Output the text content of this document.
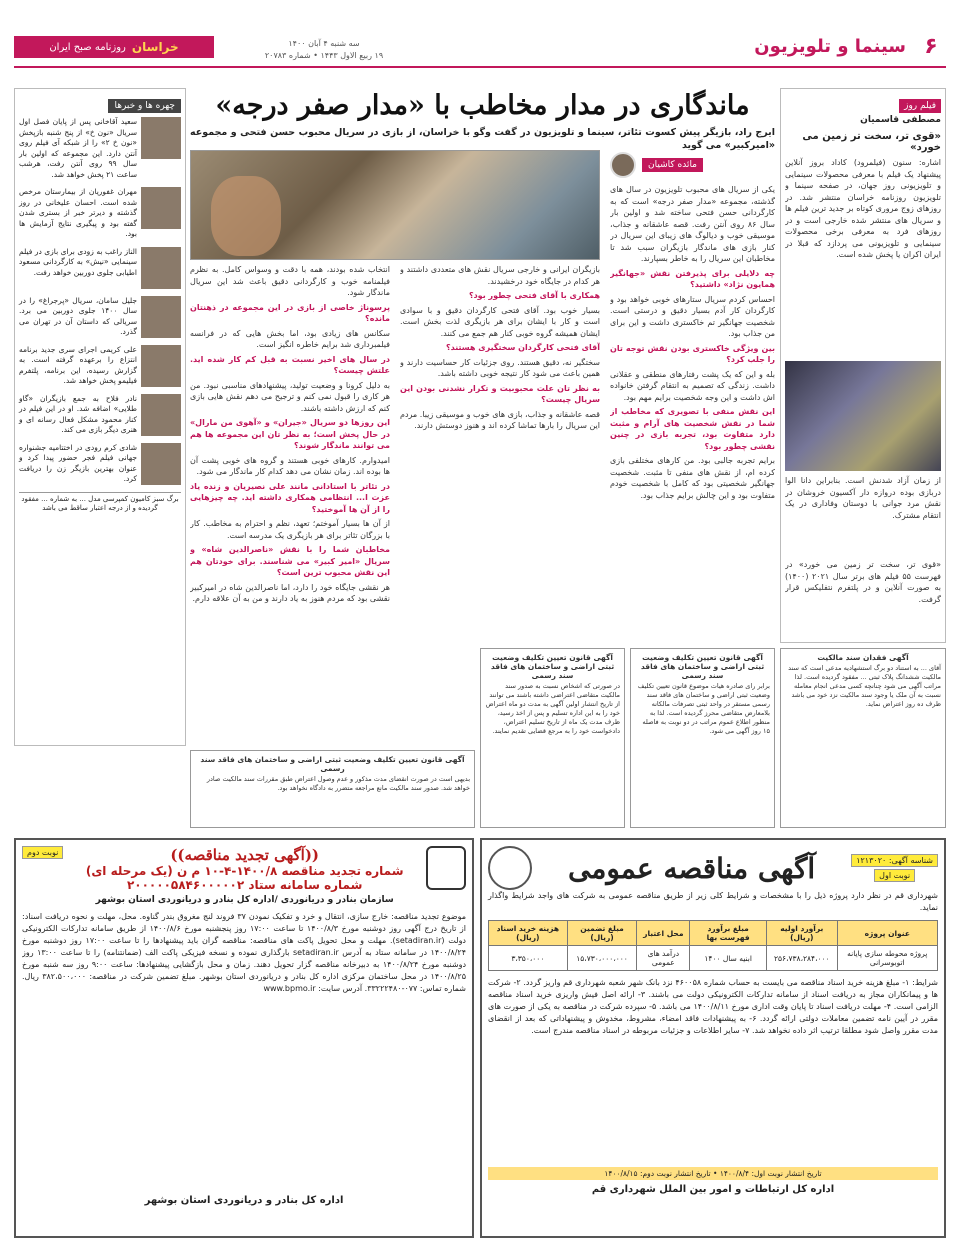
۶
سینما و تلویزیون
سه شنبه ۴ آبان ۱۴۰۰
۱۹ ربیع الاول ۱۴۴۳ • شماره ۲۰۷۸۳
خراسان
روزنامه صبح ایران
ماندگاری در مدار مخاطب با «مدار صفر درجه»
ایرج راد، بازیگر پیش کسوت تئاتر، سینما و تلویزیون در گفت وگو با خراسان، از بازی در سریال محبوب حسن فتحی و مجموعه «امیرکبیر» می گوید
مائده کاشیان

یکی از سریال های محبوب تلویزیون در سال های گذشته، مجموعه «مدار صفر درجه» است که به کارگردانی حسن فتحی ساخته شد و اولین بار سال ۸۶ روی آنتن رفت. قصه عاشقانه و جذاب، موسیقی خوب و دیالوگ های زیبای این سریال در کنار بازی های ماندگار بازیگران سبب شد تا مخاطبان این سریال را به خاطر بسپارند.

چه دلایلی برای پذیرفتن نقش «جهانگیر همایون نژاد» داشتید؟

احساس کردم سریال ستارهای خوبی خواهد بود و کارگردان کار آدم بسیار دقیق و درستی است. شخصیت جهانگیر تم خاکستری داشت و این برای من جذاب بود.

بین ویژگی خاکستری بودن نقش توجه تان را جلب کرد؟

بله و این که یک پشت رفتارهای منطقی و عقلانی داشت. زندگی که تصمیم به انتقام گرفتن خانواده اش داشت و این وجه شخصیت برایم مهم بود.

این نقش منفی با تصویری که مخاطب از شما در نقش شخصیت های آرام و مثبت دارد متفاوت بود، تجربه بازی در چنین نقشی چطور بود؟

برایم تجربه جالبی بود. من کارهای مختلفی بازی کرده ام، از نقش های منفی تا مثبت. شخصیت جهانگیر شخصیتی بود که کامل با شخصیت خودم متفاوت بود و این چالش برایم جذاب بود.

بازیگران ایرانی و خارجی سریال نقش های متعددی داشتند و هر کدام در جایگاه خود درخشیدند.

همکاری با آقای فتحی چطور بود؟

بسیار خوب بود. آقای فتحی کارگردان دقیق و با سوادی است و کار با ایشان برای هر بازیگری لذت بخش است. ایشان همیشه گروه خوبی کنار هم جمع می کنند.

آقای فتحی کارگردان سختگیری هستند؟

سختگیر نه، دقیق هستند. روی جزئیات کار حساسیت دارند و همین باعث می شود کار نتیجه خوبی داشته باشد.

به نظر تان علت محبوبیت و تکرار نشدنی بودن این سریال چیست؟

قصه عاشقانه و جذاب، بازی های خوب و موسیقی زیبا. مردم این سریال را بارها تماشا کرده اند و هنوز دوستش دارند.

انتخاب شده بودند، همه با دقت و وسواس کامل. به نظرم فیلمنامه خوب و کارگردانی دقیق باعث شد این سریال ماندگار شود.

پرسوناژ خاصی از بازی در این مجموعه در ذهنتان مانده؟

سکانس های زیادی بود، اما بخش هایی که در فرانسه فیلمبرداری شد برایم خاطره انگیز است.

در سال های اخیر نسبت به قبل کم کار شده اید. علتش چیست؟

به دلیل کرونا و وضعیت تولید، پیشنهادهای مناسبی نبود. من هر کاری را قبول نمی کنم و ترجیح می دهم نقش هایی بازی کنم که ارزش داشته باشند.

این روزها دو سریال «جیران» و «آهوی من مارال» در حال پخش است؛ به نظر تان این مجموعه ها هم می توانند ماندگار شوند؟

امیدوارم. کارهای خوبی هستند و گروه های خوبی پشت آن ها بوده اند. زمان نشان می دهد کدام کار ماندگار می شود.

در تئاتر با استادانی مانند علی نصیریان و زنده یاد عزت ا... انتظامی همکاری داشته اید. چه چیزهایی را از آن ها آموختید؟

از آن ها بسیار آموختم؛ تعهد، نظم و احترام به مخاطب. کار با بزرگان تئاتر برای هر بازیگری یک مدرسه است.

مخاطبان شما را با نقش «ناصرالدین شاه» و سریال «امیر کبیر» می شناسند. برای خودتان هم این نقش محبوب ترین است؟

هر نقشی جایگاه خود را دارد، اما ناصرالدین شاه در امیرکبیر نقشی بود که مردم هنوز به یاد دارند و من به آن علاقه دارم.

فیلم روز
مصطفی قاسمیان
«قوی تر، سخت تر زمین می خورد»
اشاره: سنون (فیلمرود) کاداد بروز آنلاین پیشنهاد یک فیلم با معرفی محصولات سینمایی و تلویزیونی روز جهان، در صفحه سینما و تلویزیون روزنامه خراسان منتشر شد. در روزهای زوج مروری کوتاه بر جدید ترین فیلم ها و سریال های منتشر شده خارجی است و در روزهای فرد به معرفی برخی محصولات سینمایی و تلویزیونی می پردازد که قبلا در ایران اکران یا پخش شده است.
از زمان آزاد شدنش است. بنابراین دانا الوا دربازی بوده دروازه دار آکسیون خروشان در نقش مرد جوانی با دوستان وفاداری در یک انتقام مشترک.
«قوی تر، سخت تر زمین می خورد» در فهرست ۵۵ فیلم های برتر سال ۲۰۲۱ (۱۴۰۰) به صورت آنلاین و در پلتفرم نتفلیکس قرار گرفت.
چهره ها و خبرها
سعید آقاخانی پس از پایان فصل اول سریال «نون خ» از پنج شنبه بازپخش «نون خ ۲» را از شبکه آی فیلم روی آنتن دارد. این مجموعه که اولین بار سال ۹۹ روی آنتن رفت، هرشب ساعت ۲۱ پخش خواهد شد.
مهران غفوریان از بیمارستان مرخص شده است. احسان علیخانی در روز گذشته و دیرتر خبر از بستری شدن گفته بود و پیگیری نتایج آزمایش ها بود.
الناز راغب به زودی برای بازی در فیلم سینمایی «نیش» به کارگردانی مسعود اطیابی جلوی دوربین خواهد رفت.
جلیل سامان، سریال «پرجراغ» را در سال ۱۴۰۰ جلوی دوربین می برد. سریالی که داستان آن در تهران می گذرد.
علی کریمی اجرای سری جدید برنامه انتزاع را برعهده گرفته است. به گزارش رسیده، این برنامه، پلتفرم فیلیمو پخش خواهد شد.
نادر فلاح به جمع بازیگران «گاو طلایی» اضافه شد. او در این فیلم در کنار محمود مشکل فعال رسانه ای و هنری دیگر بازی می کند.
شادی کرم رودی در اختتامیه جشنواره جهانی فیلم فجر حضور پیدا کرد و عنوان بهترین بازیگر زن را دریافت کرد.
برگ سبز کامیون کمپرسی مدل ... به شماره ... مفقود گردیده و از درجه اعتبار ساقط می باشد
آگهی فقدان سند مالکیت
آقای ... به استناد دو برگ استشهادیه مدعی است که سند مالکیت ششدانگ پلاک ثبتی ... مفقود گردیده است. لذا مراتب آگهی می شود چنانچه کسی مدعی انجام معامله نسبت به آن ملک یا وجود سند مالکیت نزد خود می باشد ظرف ده روز اعتراض نماید.
آگهی قانون تعیین تکلیف وضعیت ثبتی اراضی و ساختمان های فاقد سند رسمی
برابر رای صادره هیات موضوع قانون تعیین تکلیف وضعیت ثبتی اراضی و ساختمان های فاقد سند رسمی مستقر در واحد ثبتی تصرفات مالکانه بلامعارض متقاضی محرز گردیده است. لذا به منظور اطلاع عموم مراتب در دو نوبت به فاصله ۱۵ روز آگهی می شود.
آگهی قانون تعیین تکلیف وضعیت ثبتی اراضی و ساختمان های فاقد سند رسمی
در صورتی که اشخاص نسبت به صدور سند مالکیت متقاضی اعتراضی داشته باشند می توانند از تاریخ انتشار اولین آگهی به مدت دو ماه اعتراض خود را به این اداره تسلیم و پس از اخذ رسید، ظرف مدت یک ماه از تاریخ تسلیم اعتراض، دادخواست خود را به مرجع قضایی تقدیم نمایند.
آگهی قانون تعیین تکلیف وضعیت ثبتی اراضی و ساختمان های فاقد سند رسمی
بدیهی است در صورت انقضای مدت مذکور و عدم وصول اعتراض طبق مقررات سند مالکیت صادر خواهد شد. صدور سند مالکیت مانع مراجعه متضرر به دادگاه نخواهد بود.
شناسه آگهی: ۱۲۱۳۰۲۰
نوبت اول
آگهی مناقصه عمومی
شهرداری قم در نظر دارد پروژه ذیل را با مشخصات و شرایط کلی زیر از طریق مناقصه عمومی به شرکت های واجد شرایط واگذار نماید.
عنوان پروژه	برآورد اولیه (ریال)	مبلغ برآورد فهرست بها	محل اعتبار	مبلغ تضمین (ریال)	هزینه خرید اسناد (ریال)
پروژه محوطه سازی پایانه اتوبوسرانی	۲۵۶،۷۳۸،۲۸۴،۰۰۰	ابنیه سال ۱۴۰۰	درآمد های عمومی	۱۵،۷۳۰،۰۰۰،۰۰۰	۳،۳۵۰،۰۰۰
شرایط: ۱- مبلغ هزینه خرید اسناد مناقصه می بایست به حساب شماره ۴۶۰۰۵۸ نزد بانک شهر شعبه شهرداری قم واریز گردد. ۲- شرکت ها و پیمانکاران مجاز به دریافت اسناد از سامانه تدارکات الکترونیکی دولت می باشند. ۳- ارائه اصل فیش واریزی خرید اسناد مناقصه الزامی است. ۴- مهلت دریافت اسناد تا پایان وقت اداری مورخ ۱۴۰۰/۸/۱۱ می باشد. ۵- سپرده شرکت در مناقصه به یکی از صورت های مقرر در آیین نامه تضمین معاملات دولتی ارائه گردد. ۶- به پیشنهادات فاقد امضاء، مشروط، مخدوش و پیشنهاداتی که بعد از انقضای مدت مقرر واصل شود مطلقا ترتیب اثر داده نخواهد شد. ۷- سایر اطلاعات و جزئیات مربوطه در اسناد مناقصه مندرج است.
تاریخ انتشار نوبت اول: ۱۴۰۰/۸/۴ • تاریخ انتشار نوبت دوم: ۱۴۰۰/۸/۱۵
اداره کل ارتباطات و امور بین الملل شهرداری قم
((آگهی تجدید مناقصه))
شماره تجدید مناقصه ۱۴۰۰/۸-۴-۱۰ م ن (یک مرحله ای)
شماره سامانه ستاد ۲۰۰۰۰۰۵۸۴۶۰۰۰۰۰۲
سازمان بنادر و دریانوردی /اداره کل بنادر و دریانوردی استان بوشهر
نوبت دوم
موضوع تجدید مناقصه: خارج سازی، انتقال و خرد و تفکیک نمودن ۳۷ فروند لنج مغروق بندر گناوه. محل، مهلت و نحوه دریافت اسناد: از تاریخ درج آگهی روز دوشنبه مورخ ۱۴۰۰/۸/۳ تا ساعت ۱۷:۰۰ روز پنجشنبه مورخ ۱۴۰۰/۸/۶ از طریق سامانه تدارکات الکترونیکی دولت (setadiran.ir). مهلت و محل تحویل پاکت های مناقصه: مناقصه گران باید پیشنهادها را تا ساعت ۱۷:۰۰ روز دوشنبه مورخ ۱۴۰۰/۸/۲۴ در سامانه ستاد به آدرس setadiran.ir بارگذاری نموده و نسخه فیزیکی پاکت الف (ضمانتنامه) را تا ساعت ۱۳:۰۰ روز دوشنبه مورخ ۱۴۰۰/۸/۲۴ به دبیرخانه مناقصه گزار تحویل دهند. زمان و محل بازگشایی پیشنهادها: ساعت ۹:۰۰ روز سه شنبه مورخ ۱۴۰۰/۸/۲۵ در محل ساختمان مرکزی اداره کل بنادر و دریانوردی استان بوشهر. مبلغ تضمین شرکت در مناقصه: ۳۸۲،۵۰۰،۰۰۰ ریال. شماره تماس: ۰۷۷-۳۳۲۲۲۴۸۰. آدرس سایت: www.bpmo.ir
اداره کل بنادر و دریانوردی استان بوشهر
